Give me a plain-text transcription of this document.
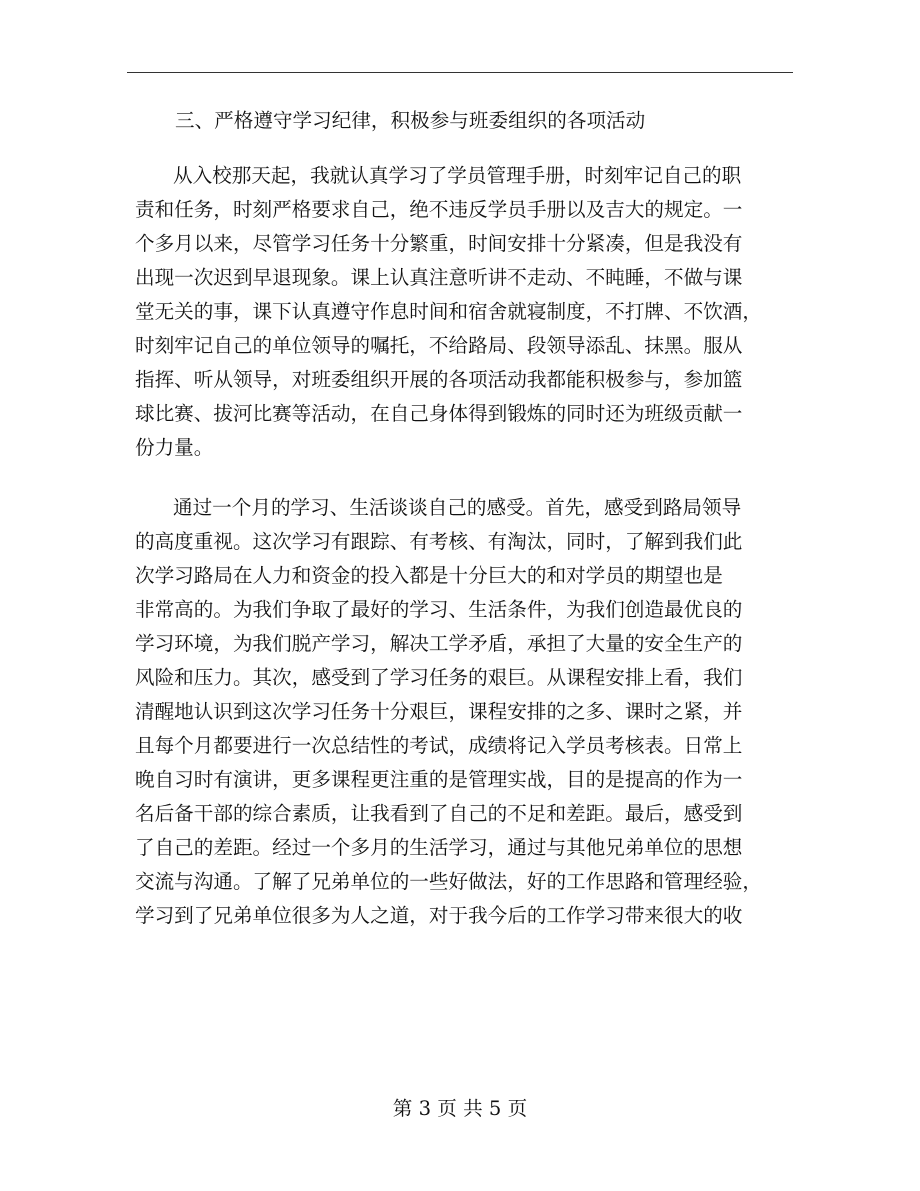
三、严格遵守学习纪律，积极参与班委组织的各项活动
从入校那天起，我就认真学习了学员管理手册，时刻牢记自己的职
责和任务，时刻严格要求自己，绝不违反学员手册以及吉大的规定。一
个多月以来，尽管学习任务十分繁重，时间安排十分紧凑，但是我没有
出现一次迟到早退现象。课上认真注意听讲不走动、不盹睡，不做与课
堂无关的事，课下认真遵守作息时间和宿舍就寝制度，不打牌、不饮酒，
时刻牢记自己的单位领导的嘱托，不给路局、段领导添乱、抹黑。服从
指挥、听从领导，对班委组织开展的各项活动我都能积极参与，参加篮
球比赛、拔河比赛等活动，在自己身体得到锻炼的同时还为班级贡献一
份力量。
通过一个月的学习、生活谈谈自己的感受。首先，感受到路局领导
的高度重视。这次学习有跟踪、有考核、有淘汰，同时，了解到我们此
次学习路局在人力和资金的投入都是十分巨大的和对学员的期望也是
非常高的。为我们争取了最好的学习、生活条件，为我们创造最优良的
学习环境，为我们脱产学习，解决工学矛盾，承担了大量的安全生产的
风险和压力。其次，感受到了学习任务的艰巨。从课程安排上看，我们
清醒地认识到这次学习任务十分艰巨，课程安排的之多、课时之紧，并
且每个月都要进行一次总结性的考试，成绩将记入学员考核表。日常上
晚自习时有演讲，更多课程更注重的是管理实战，目的是提高的作为一
名后备干部的综合素质，让我看到了自己的不足和差距。最后，感受到
了自己的差距。经过一个多月的生活学习，通过与其他兄弟单位的思想
交流与沟通。了解了兄弟单位的一些好做法，好的工作思路和管理经验，
学习到了兄弟单位很多为人之道，对于我今后的工作学习带来很大的收
第 3 页 共 5 页
